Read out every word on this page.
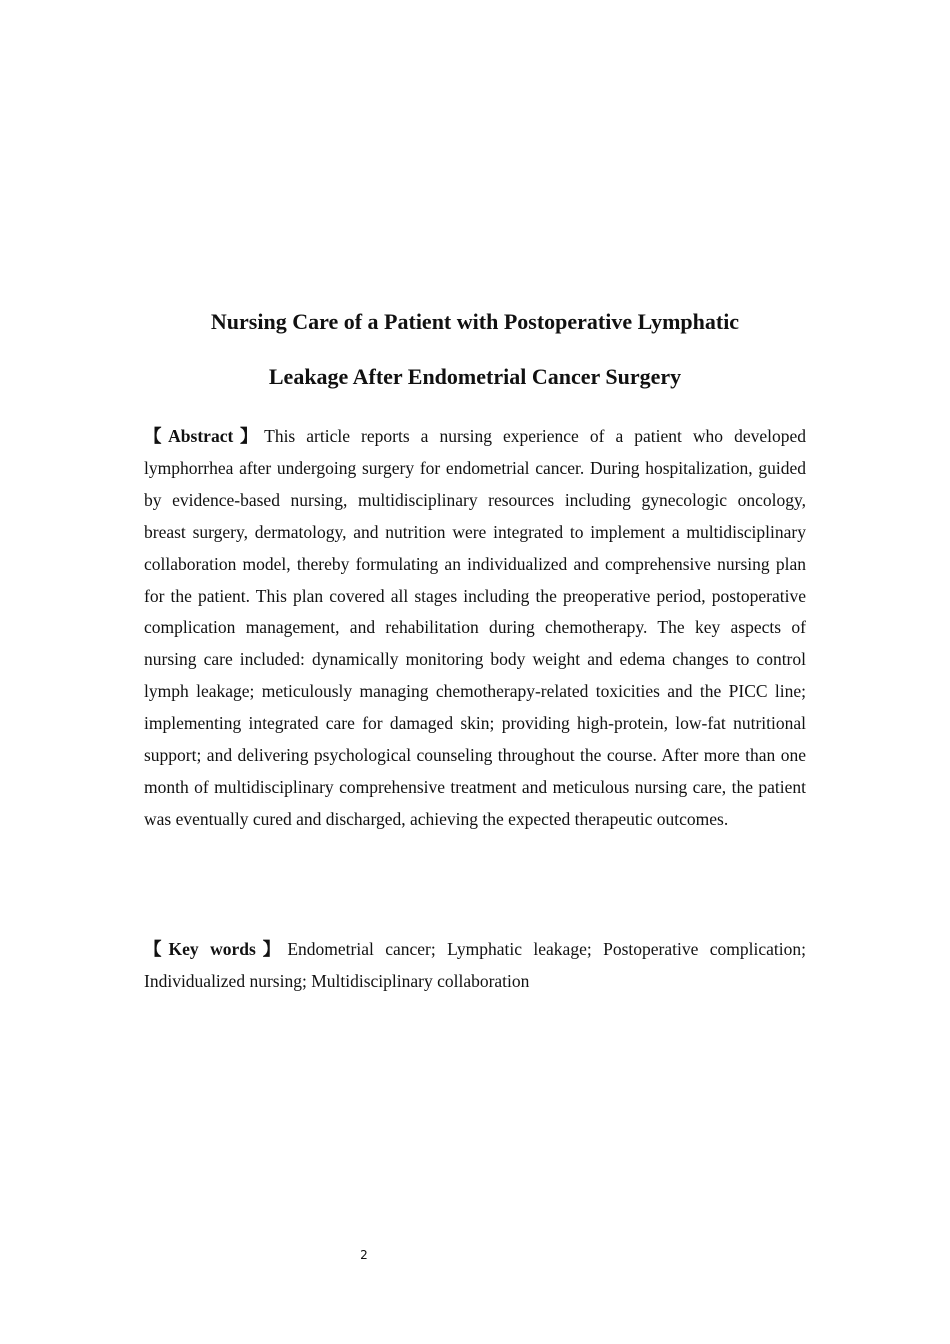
Nursing Care of a Patient with Postoperative Lymphatic
Leakage After Endometrial Cancer Surgery

【Abstract】This article reports a nursing experience of a patient who developed lymphorrhea after undergoing surgery for endometrial cancer. During hospitalization, guided by evidence-based nursing, multidisciplinary resources including gynecologic oncology, breast surgery, dermatology, and nutrition were integrated to implement a multidisciplinary collaboration model, thereby formulating an individualized and comprehensive nursing plan for the patient. This plan covered all stages including the preoperative period, postoperative complication management, and rehabilitation during chemotherapy. The key aspects of nursing care included: dynamically monitoring body weight and edema changes to control lymph leakage; meticulously managing chemotherapy-related toxicities and the PICC line; implementing integrated care for damaged skin; providing high-protein, low-fat nutritional support; and delivering psychological counseling throughout the course. After more than one month of multidisciplinary comprehensive treatment and meticulous nursing care, the patient was eventually cured and discharged, achieving the expected therapeutic outcomes.

【Key words】Endometrial cancer; Lymphatic leakage; Postoperative complication; Individualized nursing; Multidisciplinary collaboration

2
